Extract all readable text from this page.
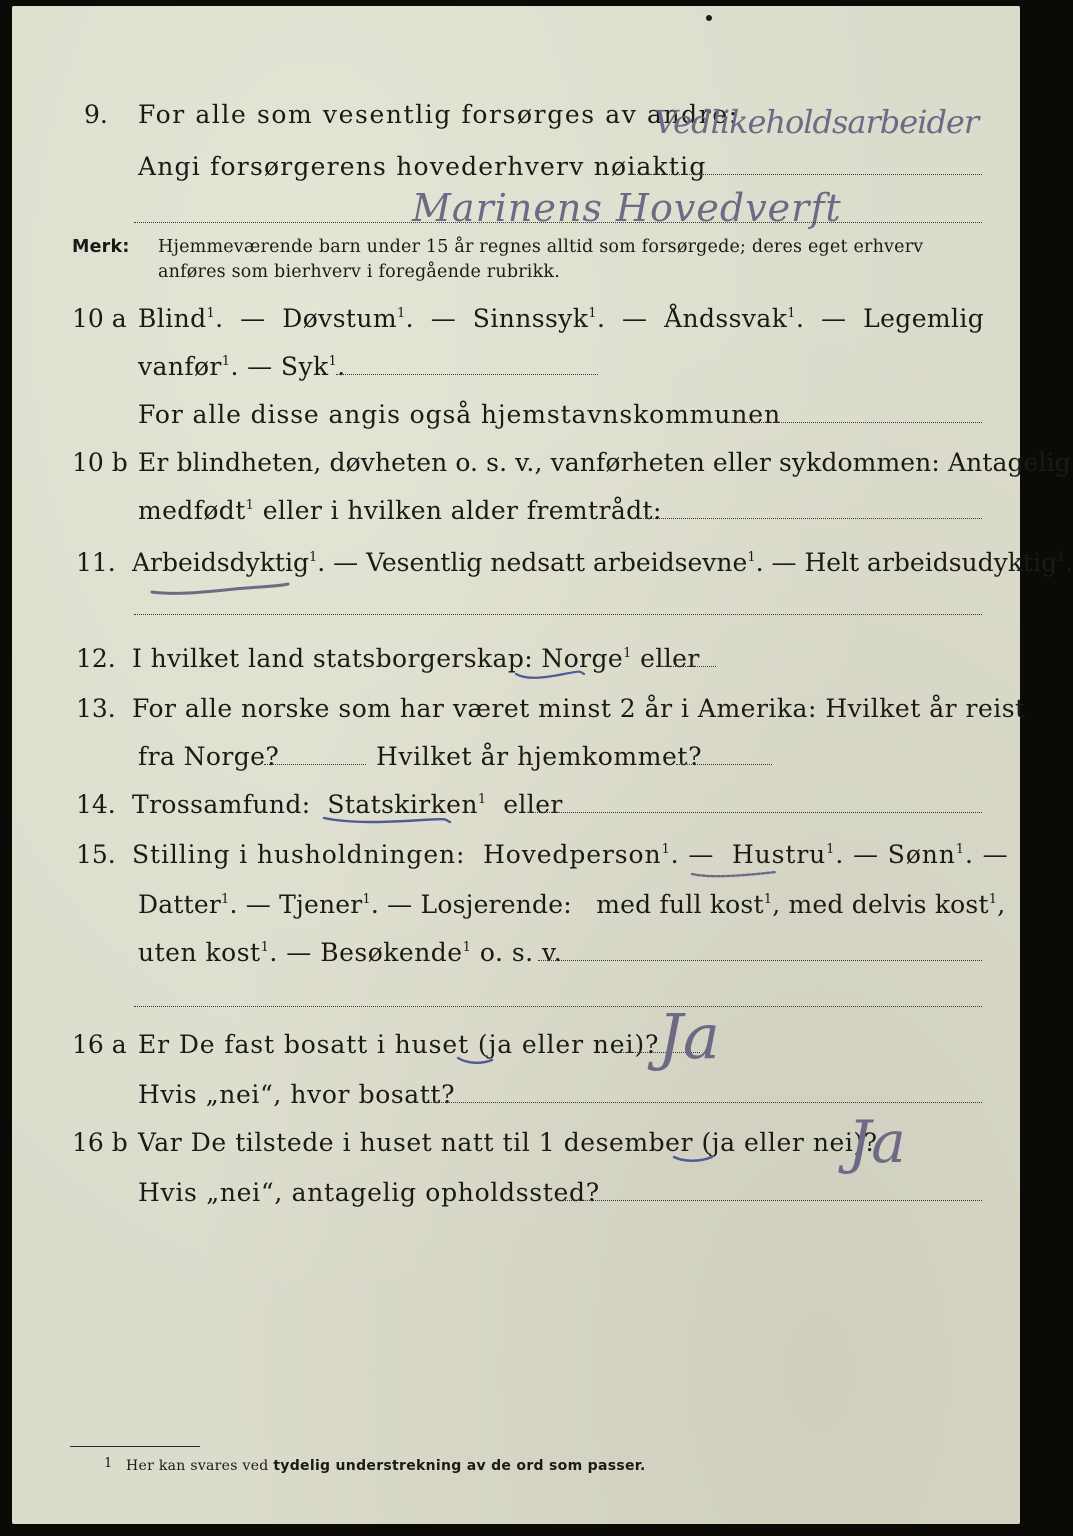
9. For alle som vesentlig forsørges av andre:
Vedlikeholdsarbeider
Angi forsørgerens hovederhverv nøiaktig
Marinens Hovedverft
Merk: Hjemmeværende barn under 15 år regnes alltid som forsørgede; deres eget erhverv
anføres som bierhverv i foregående rubrikk.
10 a Blind$^1$.  —  Døvstum$^1$.  —  Sinnssyk$^1$.  —  Åndssvak$^1$.  —  Legemlig
vanfør$^1$. — Syk$^1$.
For alle disse angis også hjemstavnskommunen
10 b Er blindheten, døvheten o. s. v., vanførheten eller sykdommen: Antagelig
medfødt$^1$ eller i hvilken alder fremtrådt:
11. Arbeidsdyktig$^1$. — Vesentlig nedsatt arbeidsevne$^1$. — Helt arbeidsudyktig$^1$.
12. I hvilket land statsborgerskap: Norge$^1$ eller
13. For alle norske som har været minst 2 år i Amerika: Hvilket år reist
fra Norge?	Hvilket år hjemkommet?
14. Trossamfund: Statskirken$^1$ eller
15. Stilling i husholdningen: Hovedperson$^1$. —  Hustru$^1$. — Sønn$^1$. —
Datter$^1$. — Tjener$^1$. — Losjerende: med full kost$^1$, med delvis kost$^1$,
uten kost$^1$. — Besøkende$^1$ o. s. v.
16 a Er De fast bosatt i huset (ja eller nei)?
Ja
Hvis „nei“, hvor bosatt?
16 b Var De tilstede i huset natt til 1 desember (ja eller nei)?
Ja
Hvis „nei“, antagelig opholdssted?
1 Her kan svares ved tydelig understrekning av de ord som passer.
